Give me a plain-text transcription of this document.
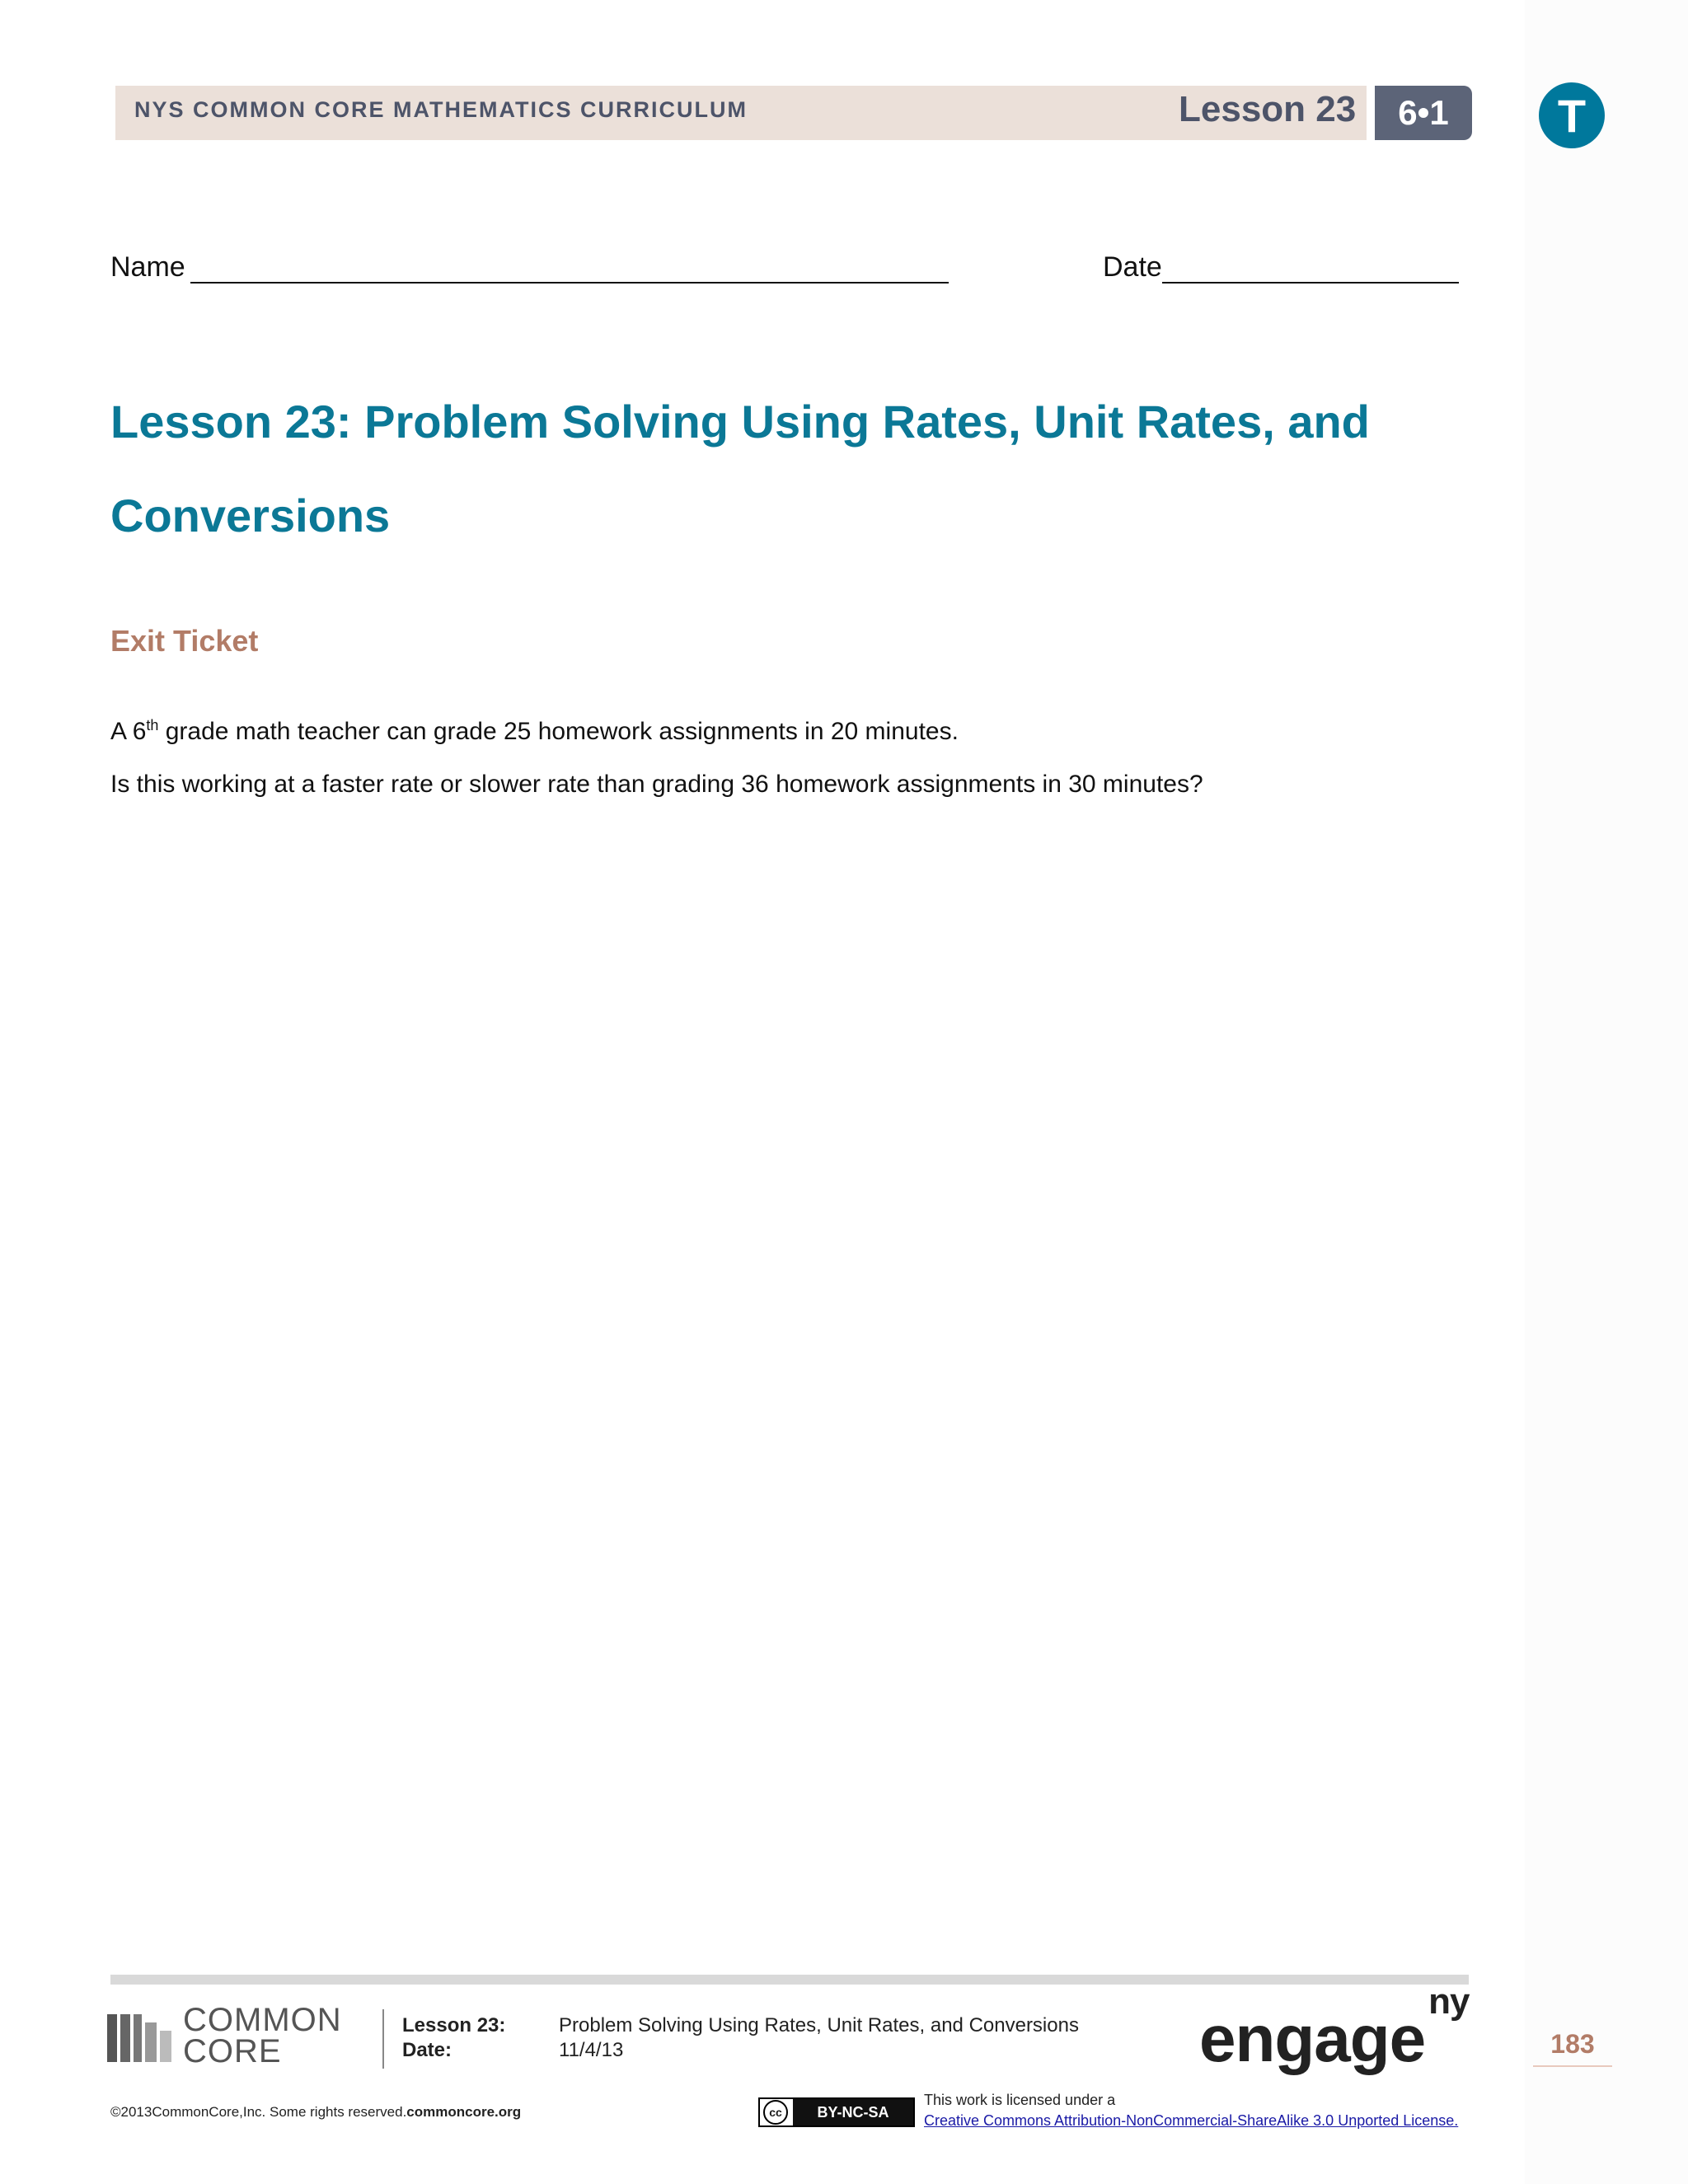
NYS COMMON CORE MATHEMATICS CURRICULUM	Lesson 23	6•1	T
Name	Date
Lesson 23: Problem Solving Using Rates, Unit Rates, and Conversions
Exit Ticket
A 6th grade math teacher can grade 25 homework assignments in 20 minutes.
Is this working at a faster rate or slower rate than grading 36 homework assignments in 30 minutes?
COMMON
CORE
Lesson 23:	Problem Solving Using Rates, Unit Rates, and Conversions
Date:	11/4/13	engage$^{ny}$
183
©2013CommonCore,Inc. Some rights reserved.commoncore.org	cc	BY-NC-SA
This work is licensed under a
Creative Commons Attribution-NonCommercial-ShareAlike 3.0 Unported License.
